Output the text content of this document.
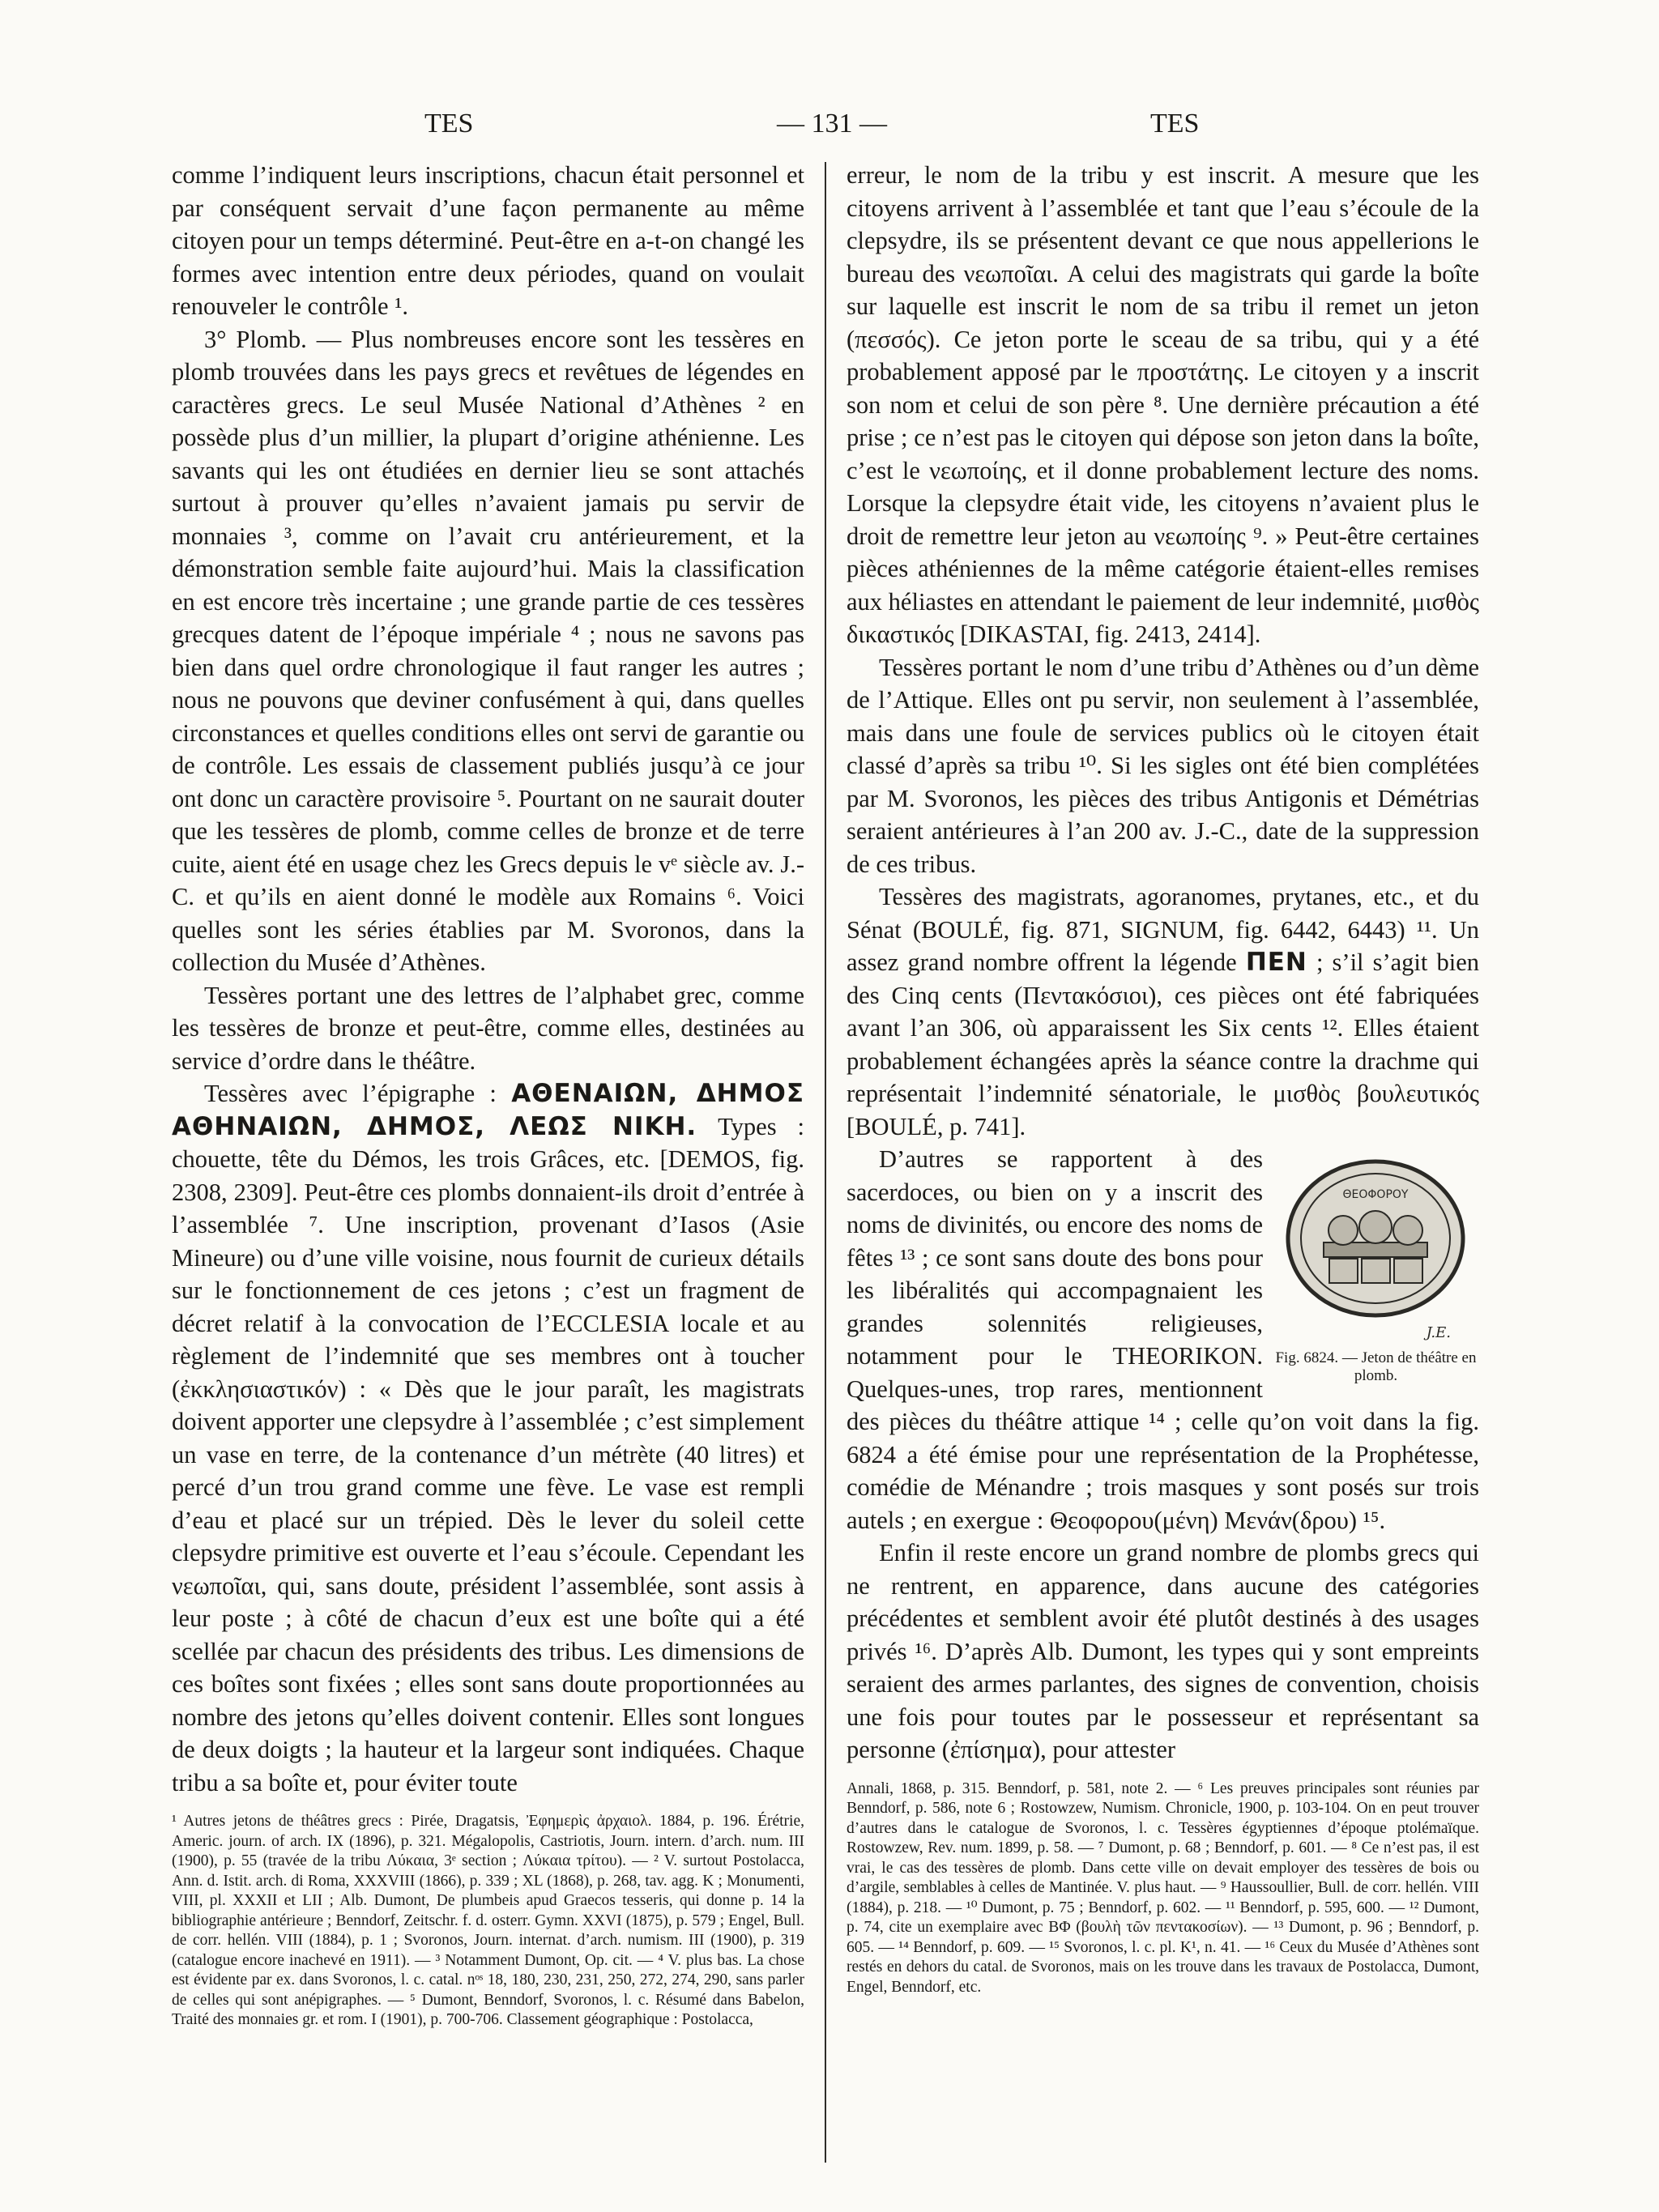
TES	— 131 —	TES

comme l’indiquent leurs inscriptions, chacun était personnel et par conséquent servait d’une façon permanente au même citoyen pour un temps déterminé. Peut-être en a-t-on changé les formes avec intention entre deux périodes, quand on voulait renouveler le contrôle ¹.

3° Plomb. — Plus nombreuses encore sont les tessères en plomb trouvées dans les pays grecs et revêtues de légendes en caractères grecs. Le seul Musée National d’Athènes ² en possède plus d’un millier, la plupart d’origine athénienne. Les savants qui les ont étudiées en dernier lieu se sont attachés surtout à prouver qu’elles n’avaient jamais pu servir de monnaies ³, comme on l’avait cru antérieurement, et la démonstration semble faite aujourd’hui. Mais la classification en est encore très incertaine ; une grande partie de ces tessères grecques datent de l’époque impériale ⁴ ; nous ne savons pas bien dans quel ordre chronologique il faut ranger les autres ; nous ne pouvons que deviner confusément à qui, dans quelles circonstances et quelles conditions elles ont servi de garantie ou de contrôle. Les essais de classement publiés jusqu’à ce jour ont donc un caractère provisoire ⁵. Pourtant on ne saurait douter que les tessères de plomb, comme celles de bronze et de terre cuite, aient été en usage chez les Grecs depuis le vᵉ siècle av. J.-C. et qu’ils en aient donné le modèle aux Romains ⁶. Voici quelles sont les séries établies par M. Svoronos, dans la collection du Musée d’Athènes.

Tessères portant une des lettres de l’alphabet grec, comme les tessères de bronze et peut-être, comme elles, destinées au service d’ordre dans le théâtre.

Tessères avec l’épigraphe : ΑΘΕΝΑΙΩΝ, ΔΗΜΟΣ ΑΘΗΝΑΙΩΝ, ΔΗΜΟΣ, ΛΕΩΣ ΝΙΚΗ. Types : chouette, tête du Démos, les trois Grâces, etc. [DEMOS, fig. 2308, 2309]. Peut-être ces plombs donnaient-ils droit d’entrée à l’assemblée ⁷. Une inscription, provenant d’Iasos (Asie Mineure) ou d’une ville voisine, nous fournit de curieux détails sur le fonctionnement de ces jetons ; c’est un fragment de décret relatif à la convocation de l’ECCLESIA locale et au règlement de l’indemnité que ses membres ont à toucher (ἐκκλησιαστικόν) : « Dès que le jour paraît, les magistrats doivent apporter une clepsydre à l’assemblée ; c’est simplement un vase en terre, de la contenance d’un métrète (40 litres) et percé d’un trou grand comme une fève. Le vase est rempli d’eau et placé sur un trépied. Dès le lever du soleil cette clepsydre primitive est ouverte et l’eau s’écoule. Cependant les νεωποῖαι, qui, sans doute, président l’assemblée, sont assis à leur poste ; à côté de chacun d’eux est une boîte qui a été scellée par chacun des présidents des tribus. Les dimensions de ces boîtes sont fixées ; elles sont sans doute proportionnées au nombre des jetons qu’elles doivent contenir. Elles sont longues de deux doigts ; la hauteur et la largeur sont indiquées. Chaque tribu a sa boîte et, pour éviter toute

¹ Autres jetons de théâtres grecs : Pirée, Dragatsis, Ἐφημερὶς ἀρχαιολ. 1884, p. 196. Érétrie, Americ. journ. of arch. IX (1896), p. 321. Mégalopolis, Castriotis, Journ. intern. d’arch. num. III (1900), p. 55 (travée de la tribu Λύκαια, 3ᵉ section ; Λύκαια τρίτου). — ² V. surtout Postolacca, Ann. d. Istit. arch. di Roma, XXXVIII (1866), p. 339 ; XL (1868), p. 268, tav. agg. K ; Monumenti, VIII, pl. XXXII et LII ; Alb. Dumont, De plumbeis apud Graecos tesseris, qui donne p. 14 la bibliographie antérieure ; Benndorf, Zeitschr. f. d. osterr. Gymn. XXVI (1875), p. 579 ; Engel, Bull. de corr. hellén. VIII (1884), p. 1 ; Svoronos, Journ. internat. d’arch. numism. III (1900), p. 319 (catalogue encore inachevé en 1911). — ³ Notamment Dumont, Op. cit. — ⁴ V. plus bas. La chose est évidente par ex. dans Svoronos, l. c. catal. nᵒˢ 18, 180, 230, 231, 250, 272, 274, 290, sans parler de celles qui sont anépigraphes. — ⁵ Dumont, Benndorf, Svoronos, l. c. Résumé dans Babelon, Traité des monnaies gr. et rom. I (1901), p. 700-706. Classement géographique : Postolacca,

erreur, le nom de la tribu y est inscrit. A mesure que les citoyens arrivent à l’assemblée et tant que l’eau s’écoule de la clepsydre, ils se présentent devant ce que nous appellerions le bureau des νεωποῖαι. A celui des magistrats qui garde la boîte sur laquelle est inscrit le nom de sa tribu il remet un jeton (πεσσός). Ce jeton porte le sceau de sa tribu, qui y a été probablement apposé par le προστάτης. Le citoyen y a inscrit son nom et celui de son père ⁸. Une dernière précaution a été prise ; ce n’est pas le citoyen qui dépose son jeton dans la boîte, c’est le νεωποίης, et il donne probablement lecture des noms. Lorsque la clepsydre était vide, les citoyens n’avaient plus le droit de remettre leur jeton au νεωποίης ⁹. » Peut-être certaines pièces athéniennes de la même catégorie étaient-elles remises aux héliastes en attendant le paiement de leur indemnité, μισθὸς δικαστικός [DIKASTAI, fig. 2413, 2414].

Tessères portant le nom d’une tribu d’Athènes ou d’un dème de l’Attique. Elles ont pu servir, non seulement à l’assemblée, mais dans une foule de services publics où le citoyen était classé d’après sa tribu ¹⁰. Si les sigles ont été bien complétées par M. Svoronos, les pièces des tribus Antigonis et Démétrias seraient antérieures à l’an 200 av. J.-C., date de la suppression de ces tribus.

Tessères des magistrats, agoranomes, prytanes, etc., et du Sénat (BOULÉ, fig. 871, SIGNUM, fig. 6442, 6443) ¹¹. Un assez grand nombre offrent la légende ΠΕΝ ; s’il s’agit bien des Cinq cents (Πεντακόσιοι), ces pièces ont été fabriquées avant l’an 306, où apparaissent les Six cents ¹². Elles étaient probablement échangées après la séance contre la drachme qui représentait l’indemnité sénatoriale, le μισθὸς βουλευτικός [BOULÉ, p. 741].

ΘΕΟΦΟΡΟΥ
J.E.
Fig. 6824. — Jeton de théâtre en plomb.

D’autres se rapportent à des sacerdoces, ou bien on y a inscrit des noms de divinités, ou encore des noms de fêtes ¹³ ; ce sont sans doute des bons pour les libéralités qui accompagnaient les grandes solennités religieuses, notamment pour le THEORIKON. Quelques-unes, trop rares, mentionnent des pièces du théâtre attique ¹⁴ ; celle qu’on voit dans la fig. 6824 a été émise pour une représentation de la Prophétesse, comédie de Ménandre ; trois masques y sont posés sur trois autels ; en exergue : Θεοφορου(μένη) Μενάν(δρου) ¹⁵.

Enfin il reste encore un grand nombre de plombs grecs qui ne rentrent, en apparence, dans aucune des catégories précédentes et semblent avoir été plutôt destinés à des usages privés ¹⁶. D’après Alb. Dumont, les types qui y sont empreints seraient des armes parlantes, des signes de convention, choisis une fois pour toutes par le possesseur et représentant sa personne (ἐπίσημα), pour attester

Annali, 1868, p. 315. Benndorf, p. 581, note 2. — ⁶ Les preuves principales sont réunies par Benndorf, p. 586, note 6 ; Rostowzew, Numism. Chronicle, 1900, p. 103-104. On en peut trouver d’autres dans le catalogue de Svoronos, l. c. Tessères égyptiennes d’époque ptolémaïque. Rostowzew, Rev. num. 1899, p. 58. — ⁷ Dumont, p. 68 ; Benndorf, p. 601. — ⁸ Ce n’est pas, il est vrai, le cas des tessères de plomb. Dans cette ville on devait employer des tessères de bois ou d’argile, semblables à celles de Mantinée. V. plus haut. — ⁹ Haussoullier, Bull. de corr. hellén. VIII (1884), p. 218. — ¹⁰ Dumont, p. 75 ; Benndorf, p. 602. — ¹¹ Benndorf, p. 595, 600. — ¹² Dumont, p. 74, cite un exemplaire avec ΒΦ (βουλὴ τῶν πεντακοσίων). — ¹³ Dumont, p. 96 ; Benndorf, p. 605. — ¹⁴ Benndorf, p. 609. — ¹⁵ Svoronos, l. c. pl. K¹, n. 41. — ¹⁶ Ceux du Musée d’Athènes sont restés en dehors du catal. de Svoronos, mais on les trouve dans les travaux de Postolacca, Dumont, Engel, Benndorf, etc.
